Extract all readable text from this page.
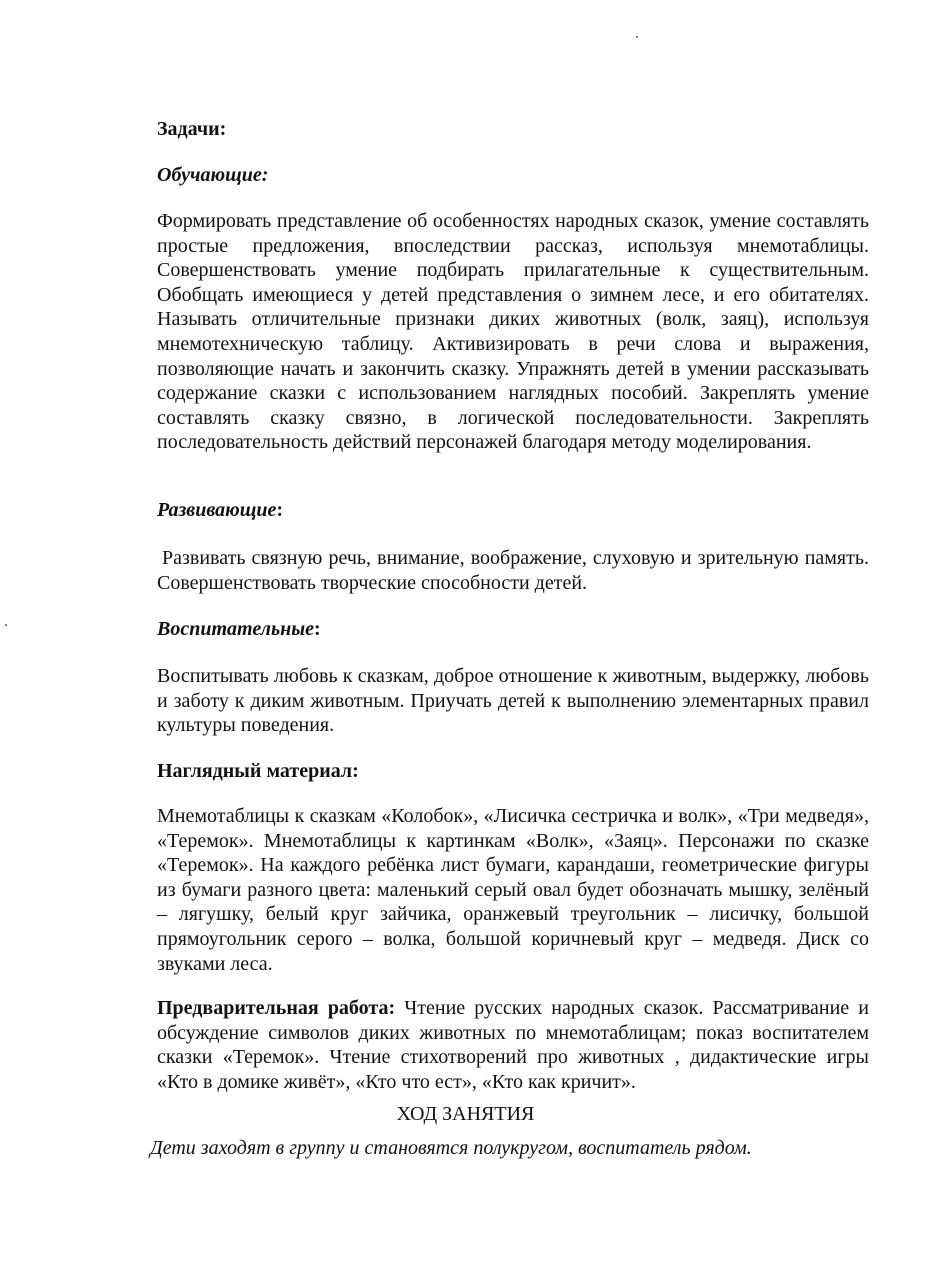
Задачи:

Обучающие:

Формировать представление об особенностях народных сказок, умение составлять простые предложения, впоследствии рассказ, используя мнемотаблицы. Совершенствовать умение подбирать прилагательные к существительным. Обобщать имеющиеся у детей представления о зимнем лесе, и его обитателях. Называть отличительные признаки диких животных (волк, заяц), используя мнемотехническую таблицу. Активизировать в речи слова и выражения, позволяющие начать и закончить сказку. Упражнять детей в умении рассказывать содержание сказки с использованием наглядных пособий. Закреплять умение составлять сказку связно, в логической последовательности. Закреплять последовательность действий персонажей благодаря методу моделирования.

Развивающие:

Развивать связную речь, внимание, воображение, слуховую и зрительную память. Совершенствовать творческие способности детей.

Воспитательные:

Воспитывать любовь к сказкам, доброе отношение к животным, выдержку, любовь и заботу к диким животным. Приучать детей к выполнению элементарных правил культуры поведения.

Наглядный материал:

Мнемотаблицы к сказкам «Колобок», «Лисичка сестричка и волк», «Три медведя», «Теремок». Мнемотаблицы к картинкам «Волк», «Заяц». Персонажи по сказке «Теремок». На каждого ребёнка лист бумаги, карандаши, геометрические фигуры из бумаги разного цвета: маленький серый овал будет обозначать мышку, зелёный – лягушку, белый круг зайчика, оранжевый треугольник – лисичку, большой прямоугольник серого – волка, большой коричневый круг – медведя. Диск со звуками леса.

Предварительная работа: Чтение русских народных сказок. Рассматривание и обсуждение символов диких животных по мнемотаблицам; показ воспитателем сказки «Теремок». Чтение стихотворений про животных , дидактические игры «Кто в домике живёт», «Кто что ест», «Кто как кричит».

ХОД ЗАНЯТИЯ

Дети заходят в группу и становятся полукругом, воспитатель рядом.
